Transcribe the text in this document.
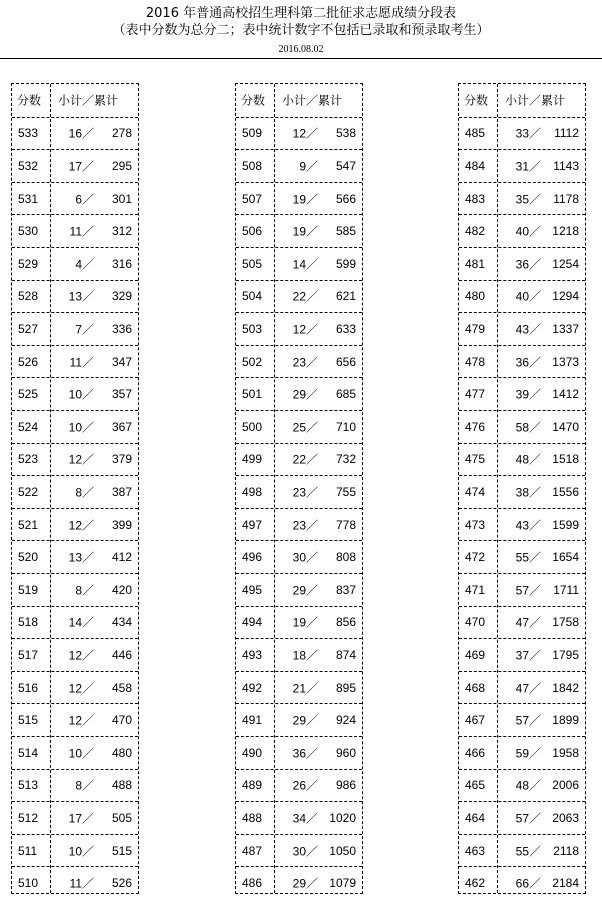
2016 年普通高校招生理科第二批征求志愿成绩分段表
（表中分数为总分二；表中统计数字不包括已录取和预录取考生）
2016.08.02
分数 小计／累计
533	16／	278
532	17／	295
531	6／	301
530	11／	312
529	4／	316
528	13／	329
527	7／	336
526	11／	347
525	10／	357
524	10／	367
523	12／	379
522	8／	387
521	12／	399
520	13／	412
519	8／	420
518	14／	434
517	12／	446
516	12／	458
515	12／	470
514	10／	480
513	8／	488
512	17／	505
511	10／	515
510	11／	526
分数 小计／累计
509	12／	538
508	9／	547
507	19／	566
506	19／	585
505	14／	599
504	22／	621
503	12／	633
502	23／	656
501	29／	685
500	25／	710
499	22／	732
498	23／	755
497	23／	778
496	30／	808
495	29／	837
494	19／	856
493	18／	874
492	21／	895
491	29／	924
490	36／	960
489	26／	986
488	34／ 1020
487	30／ 1050
486	29／ 1079
分数 小计／累计
485	33／	1112
484	31／	1143
483	35／	1178
482	40／ 1218
481	36／ 1254
480	40／ 1294
479	43／ 1337
478	36／ 1373
477	39／ 1412
476	58／ 1470
475	48／ 1518
474	38／ 1556
473	43／ 1599
472	55／ 1654
471	57／	1711
470	47／ 1758
469	37／ 1795
468	47／ 1842
467	57／ 1899
466	59／ 1958
465	48／ 2006
464	57／ 2063
463	55／	2118
462	66／ 2184
